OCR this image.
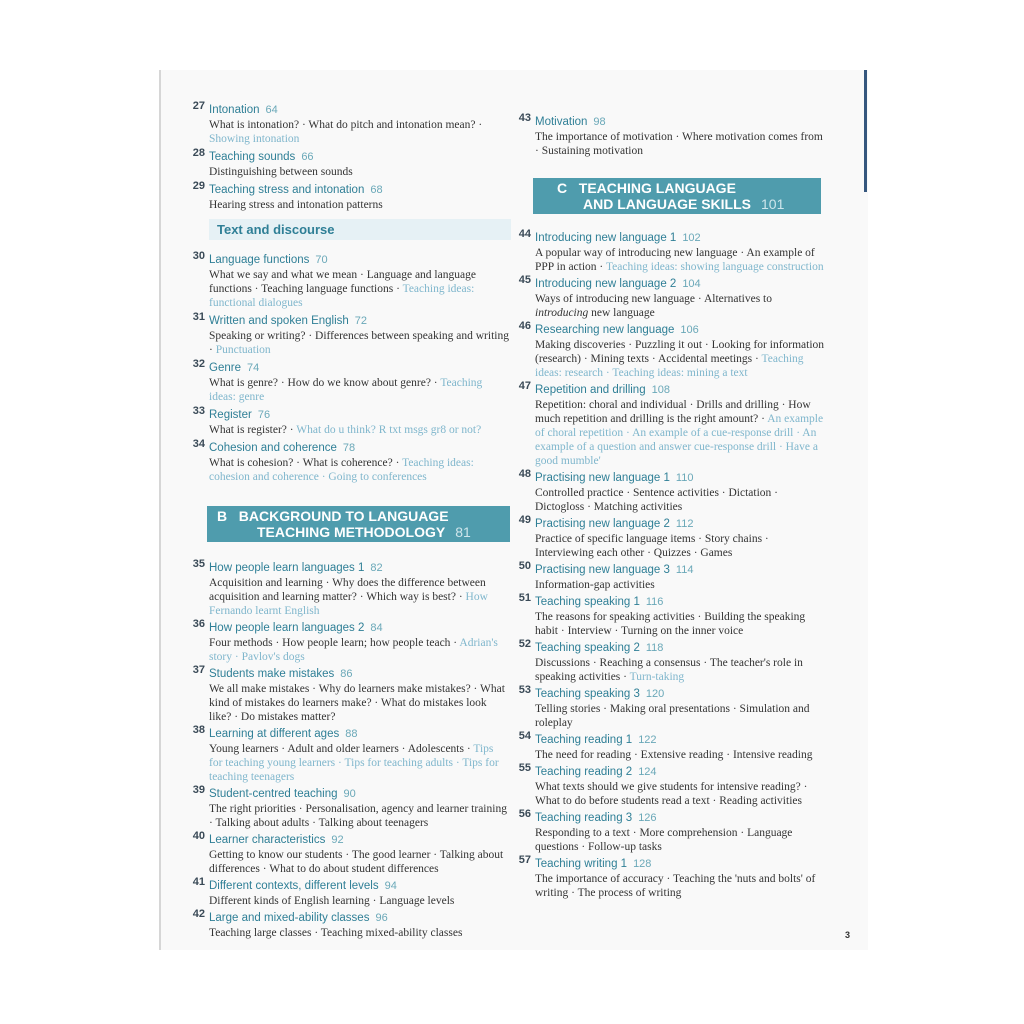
27 Intonation 64
What is intonation? · What do pitch and intonation mean? · Showing intonation
28 Teaching sounds 66
Distinguishing between sounds
29 Teaching stress and intonation 68
Hearing stress and intonation patterns
Text and discourse
30 Language functions 70
What we say and what we mean · Language and language functions · Teaching language functions · Teaching ideas: functional dialogues
31 Written and spoken English 72
Speaking or writing? · Differences between speaking and writing · Punctuation
32 Genre 74
What is genre? · How do we know about genre? · Teaching ideas: genre
33 Register 76
What is register? · What do u think? R txt msgs gr8 or not?
34 Cohesion and coherence 78
What is cohesion? · What is coherence? · Teaching ideas: cohesion and coherence · Going to conferences
B BACKGROUND TO LANGUAGE
TEACHING METHODOLOGY 81
35 How people learn languages 1 82
Acquisition and learning · Why does the difference between acquisition and learning matter? · Which way is best? · How Fernando learnt English
36 How people learn languages 2 84
Four methods · How people learn; how people teach · Adrian's story · Pavlov's dogs
37 Students make mistakes 86
We all make mistakes · Why do learners make mistakes? · What kind of mistakes do learners make? · What do mistakes look like? · Do mistakes matter?
38 Learning at different ages 88
Young learners · Adult and older learners · Adolescents · Tips for teaching young learners · Tips for teaching adults · Tips for teaching teenagers
39 Student-centred teaching 90
The right priorities · Personalisation, agency and learner training · Talking about adults · Talking about teenagers
40 Learner characteristics 92
Getting to know our students · The good learner · Talking about differences · What to do about student differences
41 Different contexts, different levels 94
Different kinds of English learning · Language levels
42 Large and mixed-ability classes 96
Teaching large classes · Teaching mixed-ability classes
43 Motivation 98
The importance of motivation · Where motivation comes from · Sustaining motivation
C TEACHING LANGUAGE
AND LANGUAGE SKILLS 101
44 Introducing new language 1 102
A popular way of introducing new language · An example of PPP in action · Teaching ideas: showing language construction
45 Introducing new language 2 104
Ways of introducing new language · Alternatives to introducing new language
46 Researching new language 106
Making discoveries · Puzzling it out · Looking for information (research) · Mining texts · Accidental meetings · Teaching ideas: research · Teaching ideas: mining a text
47 Repetition and drilling 108
Repetition: choral and individual · Drills and drilling · How much repetition and drilling is the right amount? · An example of choral repetition · An example of a cue-response drill · An example of a question and answer cue-response drill · Have a good mumble'
48 Practising new language 1 110
Controlled practice · Sentence activities · Dictation · Dictogloss · Matching activities
49 Practising new language 2 112
Practice of specific language items · Story chains · Interviewing each other · Quizzes · Games
50 Practising new language 3 114
Information-gap activities
51 Teaching speaking 1 116
The reasons for speaking activities · Building the speaking habit · Interview · Turning on the inner voice
52 Teaching speaking 2 118
Discussions · Reaching a consensus · The teacher's role in speaking activities · Turn-taking
53 Teaching speaking 3 120
Telling stories · Making oral presentations · Simulation and roleplay
54 Teaching reading 1 122
The need for reading · Extensive reading · Intensive reading
55 Teaching reading 2 124
What texts should we give students for intensive reading? · What to do before students read a text · Reading activities
56 Teaching reading 3 126
Responding to a text · More comprehension · Language questions · Follow-up tasks
57 Teaching writing 1 128
The importance of accuracy · Teaching the 'nuts and bolts' of writing · The process of writing
3
